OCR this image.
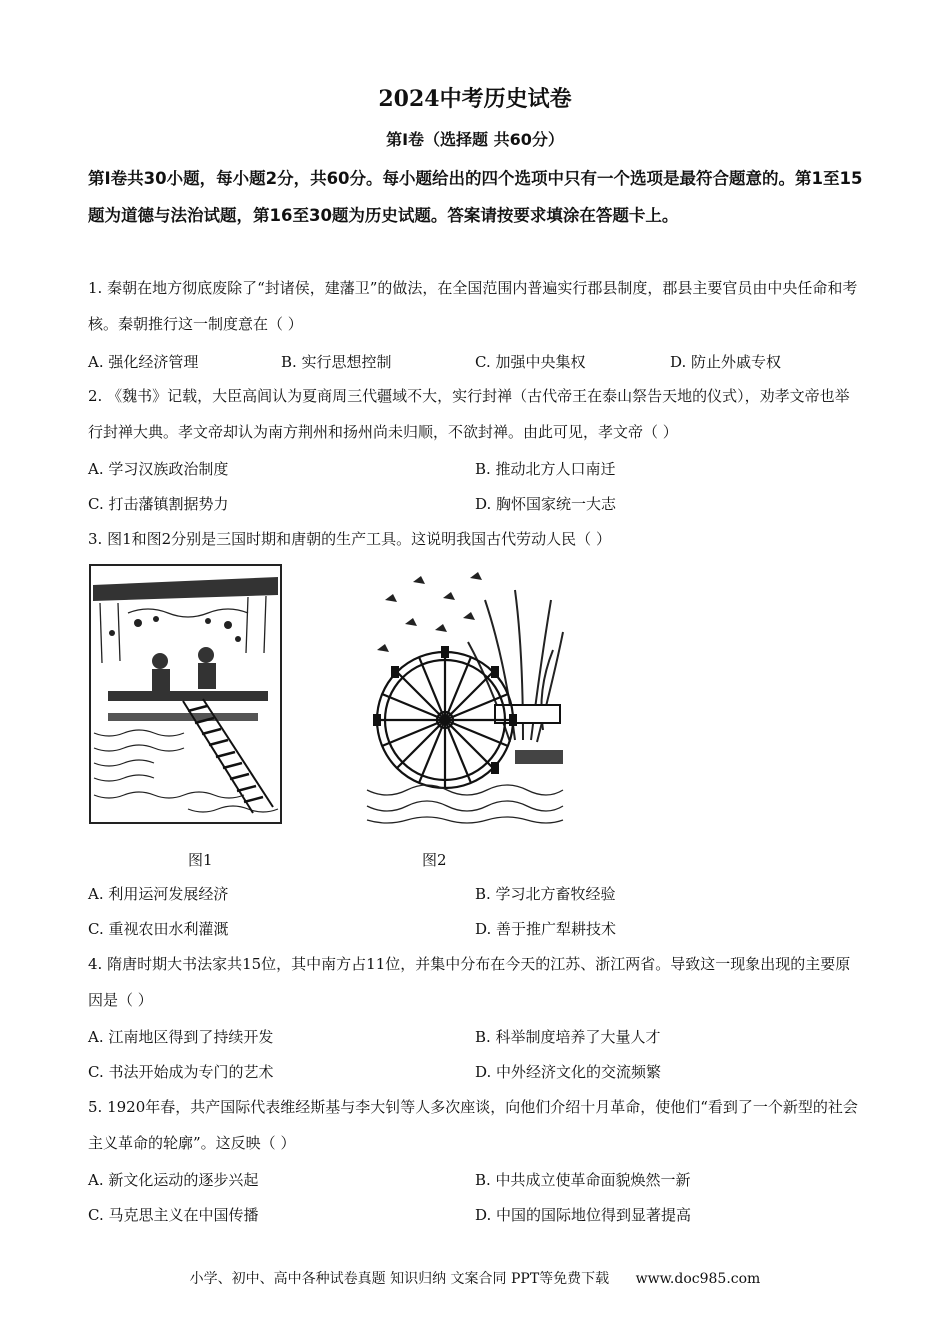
2024中考历史试卷
第Ⅰ卷（选择题 共60分）
第Ⅰ卷共30小题，每小题2分，共60分。每小题给出的四个选项中只有一个选项是最符合题意的。第1至15题为道德与法治试题，第16至30题为历史试题。答案请按要求填涂在答题卡上。
1. 秦朝在地方彻底废除了“封诸侯，建藩卫”的做法，在全国范围内普遍实行郡县制度，郡县主要官员由中央任命和考核。秦朝推行这一制度意在（ ）
A. 强化经济管理	B. 实行思想控制	C. 加强中央集权	D. 防止外戚专权
2. 《魏书》记载，大臣高闾认为夏商周三代疆域不大，实行封禅（古代帝王在泰山祭告天地的仪式），劝孝文帝也举行封禅大典。孝文帝却认为南方荆州和扬州尚未归顺，不欲封禅。由此可见，孝文帝（ ）
A. 学习汉族政治制度	B. 推动北方人口南迁
C. 打击藩镇割据势力	D. 胸怀国家统一大志
3. 图1和图2分别是三国时期和唐朝的生产工具。这说明我国古代劳动人民（ ）
图1	图2
A. 利用运河发展经济	B. 学习北方畜牧经验
C. 重视农田水利灌溉	D. 善于推广犁耕技术
4. 隋唐时期大书法家共15位，其中南方占11位，并集中分布在今天的江苏、浙江两省。导致这一现象出现的主要原因是（ ）
A. 江南地区得到了持续开发	B. 科举制度培养了大量人才
C. 书法开始成为专门的艺术	D. 中外经济文化的交流频繁
5. 1920年春，共产国际代表维经斯基与李大钊等人多次座谈，向他们介绍十月革命，使他们“看到了一个新型的社会主义革命的轮廓”。这反映（ ）
A. 新文化运动的逐步兴起	B. 中共成立使革命面貌焕然一新
C. 马克思主义在中国传播	D. 中国的国际地位得到显著提高
小学、初中、高中各种试卷真题 知识归纳 文案合同 PPT等免费下载 www.doc985.com
